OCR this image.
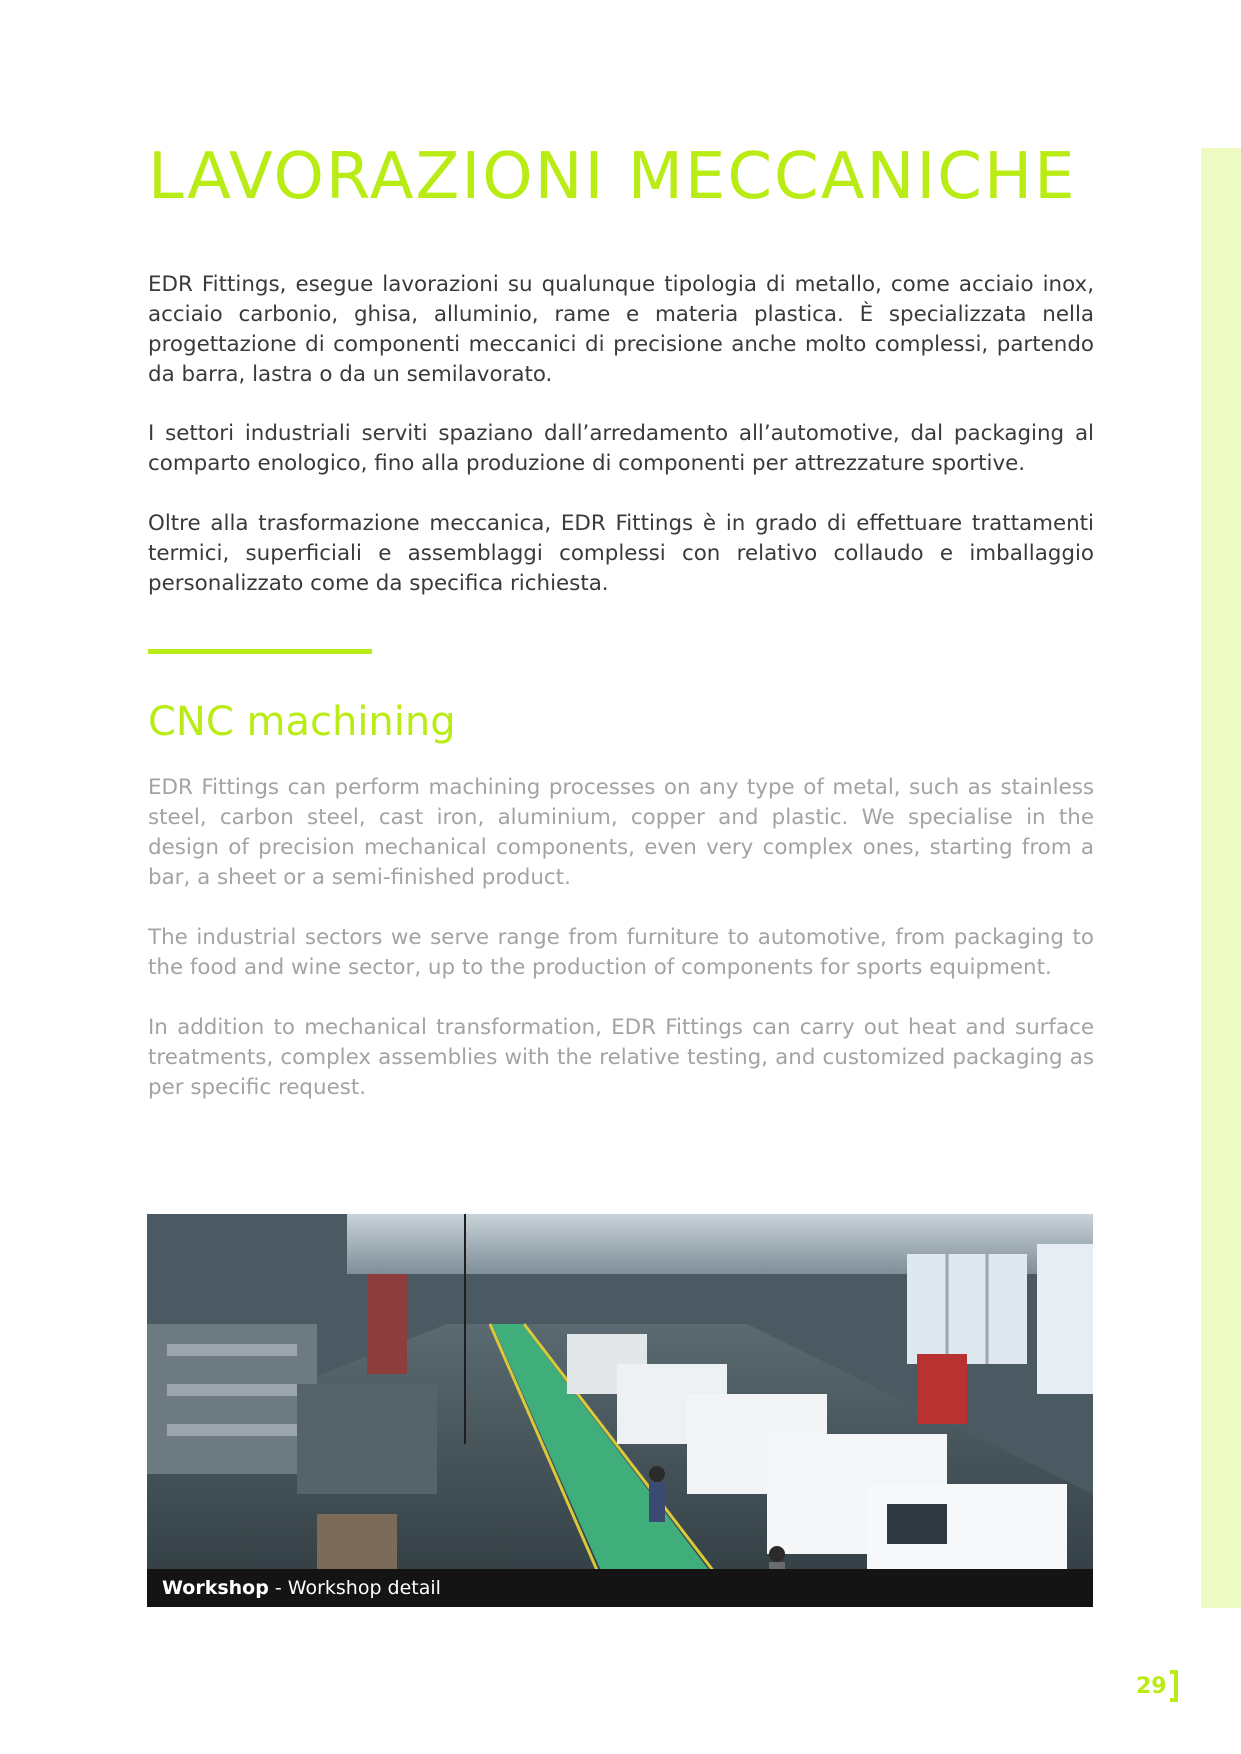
LAVORAZIONI MECCANICHE

EDR Fittings, esegue lavorazioni su qualunque tipologia di metallo, come acciaio inox, acciaio carbonio, ghisa, alluminio, rame e materia plastica. È specializzata nella progettazione di componenti meccanici di precisione anche molto complessi, partendo da barra, lastra o da un semilavorato.

I settori industriali serviti spaziano dall’arredamento all’automotive, dal packaging al comparto enologico, fino alla produzione di componenti per attrezzature sportive.

Oltre alla trasformazione meccanica, EDR Fittings è in grado di effettuare trattamenti termici, superficiali e assemblaggi complessi con relativo collaudo e imballaggio personalizzato come da specifica richiesta.

CNC machining

EDR Fittings can perform machining processes on any type of metal, such as stainless steel, carbon steel, cast iron, aluminium, copper and plastic. We specialise in the design of precision mechanical components, even very complex ones, starting from a bar, a sheet or a semi-finished product.

The industrial sectors we serve range from furniture to automotive, from packaging to the food and wine sector, up to the production of components for sports equipment.

In addition to mechanical transformation, EDR Fittings can carry out heat and surface treatments, complex assemblies with the relative testing, and customized packaging as per specific request.

Workshop - Workshop detail
29
